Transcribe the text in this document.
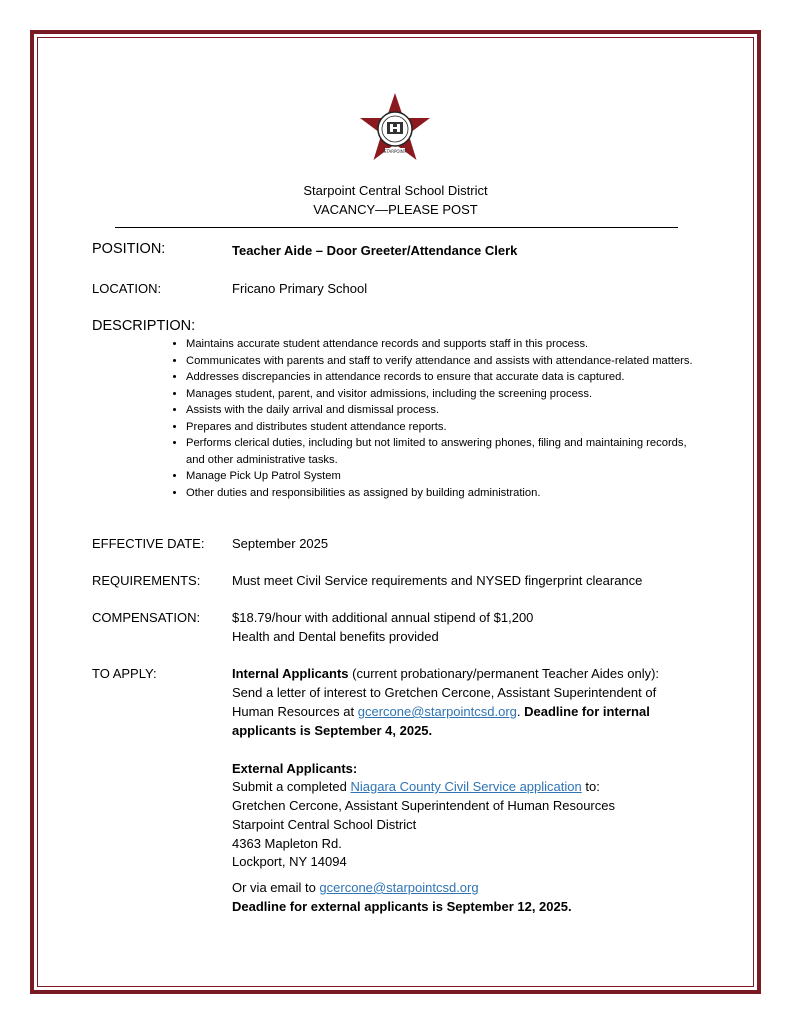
STARPOINT
Starpoint Central School District
VACANCY—PLEASE POST
POSITION:	Teacher Aide – Door Greeter/Attendance Clerk
LOCATION:	Fricano Primary School
DESCRIPTION:
• Maintains accurate student attendance records and supports staff in this process.
• Communicates with parents and staff to verify attendance and assists with attendance-related matters.
• Addresses discrepancies in attendance records to ensure that accurate data is captured.
• Manages student, parent, and visitor admissions, including the screening process.
• Assists with the daily arrival and dismissal process.
• Prepares and distributes student attendance reports.
• Performs clerical duties, including but not limited to answering phones, filing and maintaining records, and other administrative tasks.
• Manage Pick Up Patrol System
• Other duties and responsibilities as assigned by building administration.
EFFECTIVE DATE: September 2025
REQUIREMENTS: Must meet Civil Service requirements and NYSED fingerprint clearance
COMPENSATION: $18.79/hour with additional annual stipend of $1,200
Health and Dental benefits provided
TO APPLY:	Internal Applicants (current probationary/permanent Teacher Aides only):
Send a letter of interest to Gretchen Cercone, Assistant Superintendent of
Human Resources at gcercone@starpointcsd.org. Deadline for internal
applicants is September 4, 2025.
External Applicants:
Submit a completed Niagara County Civil Service application to:
Gretchen Cercone, Assistant Superintendent of Human Resources
Starpoint Central School District
4363 Mapleton Rd.
Lockport, NY 14094
Or via email to gcercone@starpointcsd.org
Deadline for external applicants is September 12, 2025.
